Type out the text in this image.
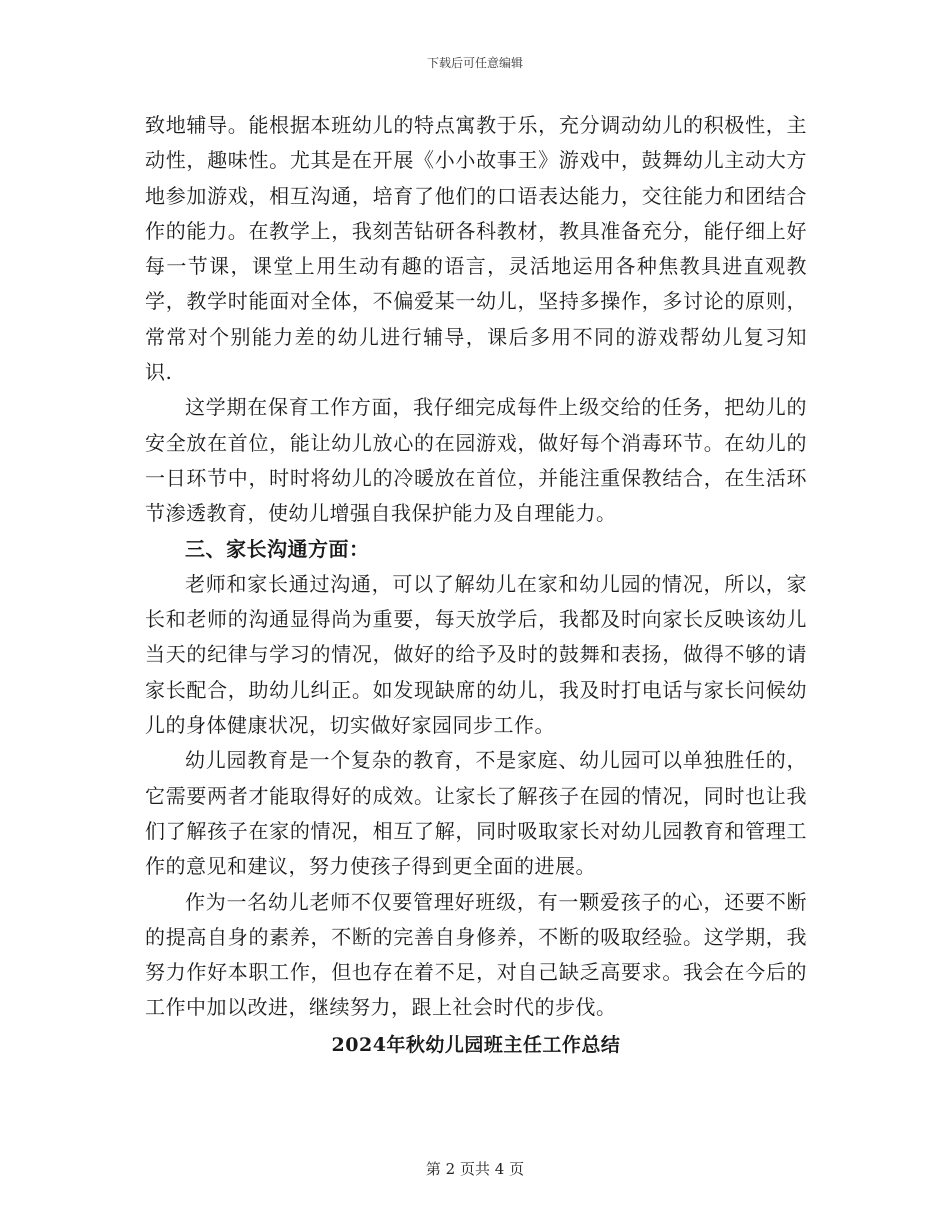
下载后可任意编辑

致地辅导。能根据本班幼儿的特点寓教于乐，充分调动幼儿的积极性，主动性，趣味性。尤其是在开展《小小故事王》游戏中，鼓舞幼儿主动大方地参加游戏，相互沟通，培育了他们的口语表达能力，交往能力和团结合作的能力。在教学上，我刻苦钻研各科教材，教具准备充分，能仔细上好每一节课，课堂上用生动有趣的语言，灵活地运用各种焦教具进直观教学，教学时能面对全体，不偏爱某一幼儿，坚持多操作，多讨论的原则，常常对个别能力差的幼儿进行辅导，课后多用不同的游戏帮幼儿复习知识.

这学期在保育工作方面，我仔细完成每件上级交给的任务，把幼儿的安全放在首位，能让幼儿放心的在园游戏，做好每个消毒环节。在幼儿的一日环节中，时时将幼儿的冷暖放在首位，并能注重保教结合，在生活环节渗透教育，使幼儿增强自我保护能力及自理能力。

三、家长沟通方面：

老师和家长通过沟通，可以了解幼儿在家和幼儿园的情况，所以，家长和老师的沟通显得尚为重要，每天放学后，我都及时向家长反映该幼儿当天的纪律与学习的情况，做好的给予及时的鼓舞和表扬，做得不够的请家长配合，助幼儿纠正。如发现缺席的幼儿，我及时打电话与家长问候幼儿的身体健康状况，切实做好家园同步工作。

幼儿园教育是一个复杂的教育，不是家庭、幼儿园可以单独胜任的，它需要两者才能取得好的成效。让家长了解孩子在园的情况，同时也让我们了解孩子在家的情况，相互了解，同时吸取家长对幼儿园教育和管理工作的意见和建议，努力使孩子得到更全面的进展。

作为一名幼儿老师不仅要管理好班级，有一颗爱孩子的心，还要不断的提高自身的素养，不断的完善自身修养，不断的吸取经验。这学期，我努力作好本职工作，但也存在着不足，对自己缺乏高要求。我会在今后的工作中加以改进，继续努力，跟上社会时代的步伐。

2024年秋幼儿园班主任工作总结

第 2 页共 4 页
